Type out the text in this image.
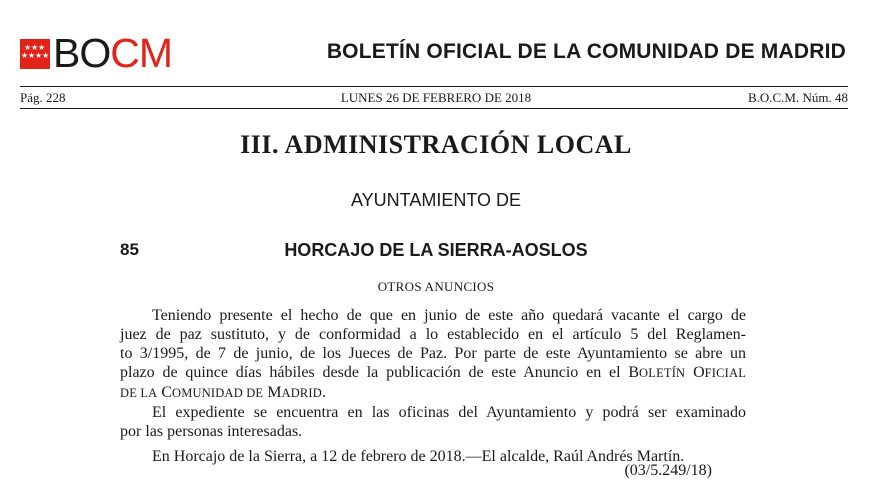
★ ★ ★
★ ★ ★ ★ BOCM	BOLETÍN OFICIAL DE LA COMUNIDAD DE MADRID
Pág. 228	LUNES 26 DE FEBRERO DE 2018	B.O.C.M. Núm. 48
III. ADMINISTRACIÓN LOCAL
AYUNTAMIENTO DE
85	HORCAJO DE LA SIERRA-AOSLOS
OTROS ANUNCIOS
Teniendo presente el hecho de que en junio de este año quedará vacante el cargo de
juez de paz sustituto, y de conformidad a lo establecido en el artículo 5 del Reglamen-
to 3/1995, de 7 de junio, de los Jueces de Paz. Por parte de este Ayuntamiento se abre un
plazo de quince días hábiles desde la publicación de este Anuncio en el BOLETÍN OFICIAL
DE LA COMUNIDAD DE MADRID.
El expediente se encuentra en las oficinas del Ayuntamiento y podrá ser examinado
por las personas interesadas.
En Horcajo de la Sierra, a 12 de febrero de 2018.—El alcalde, Raúl Andrés Martín.
(03/5.249/18)
